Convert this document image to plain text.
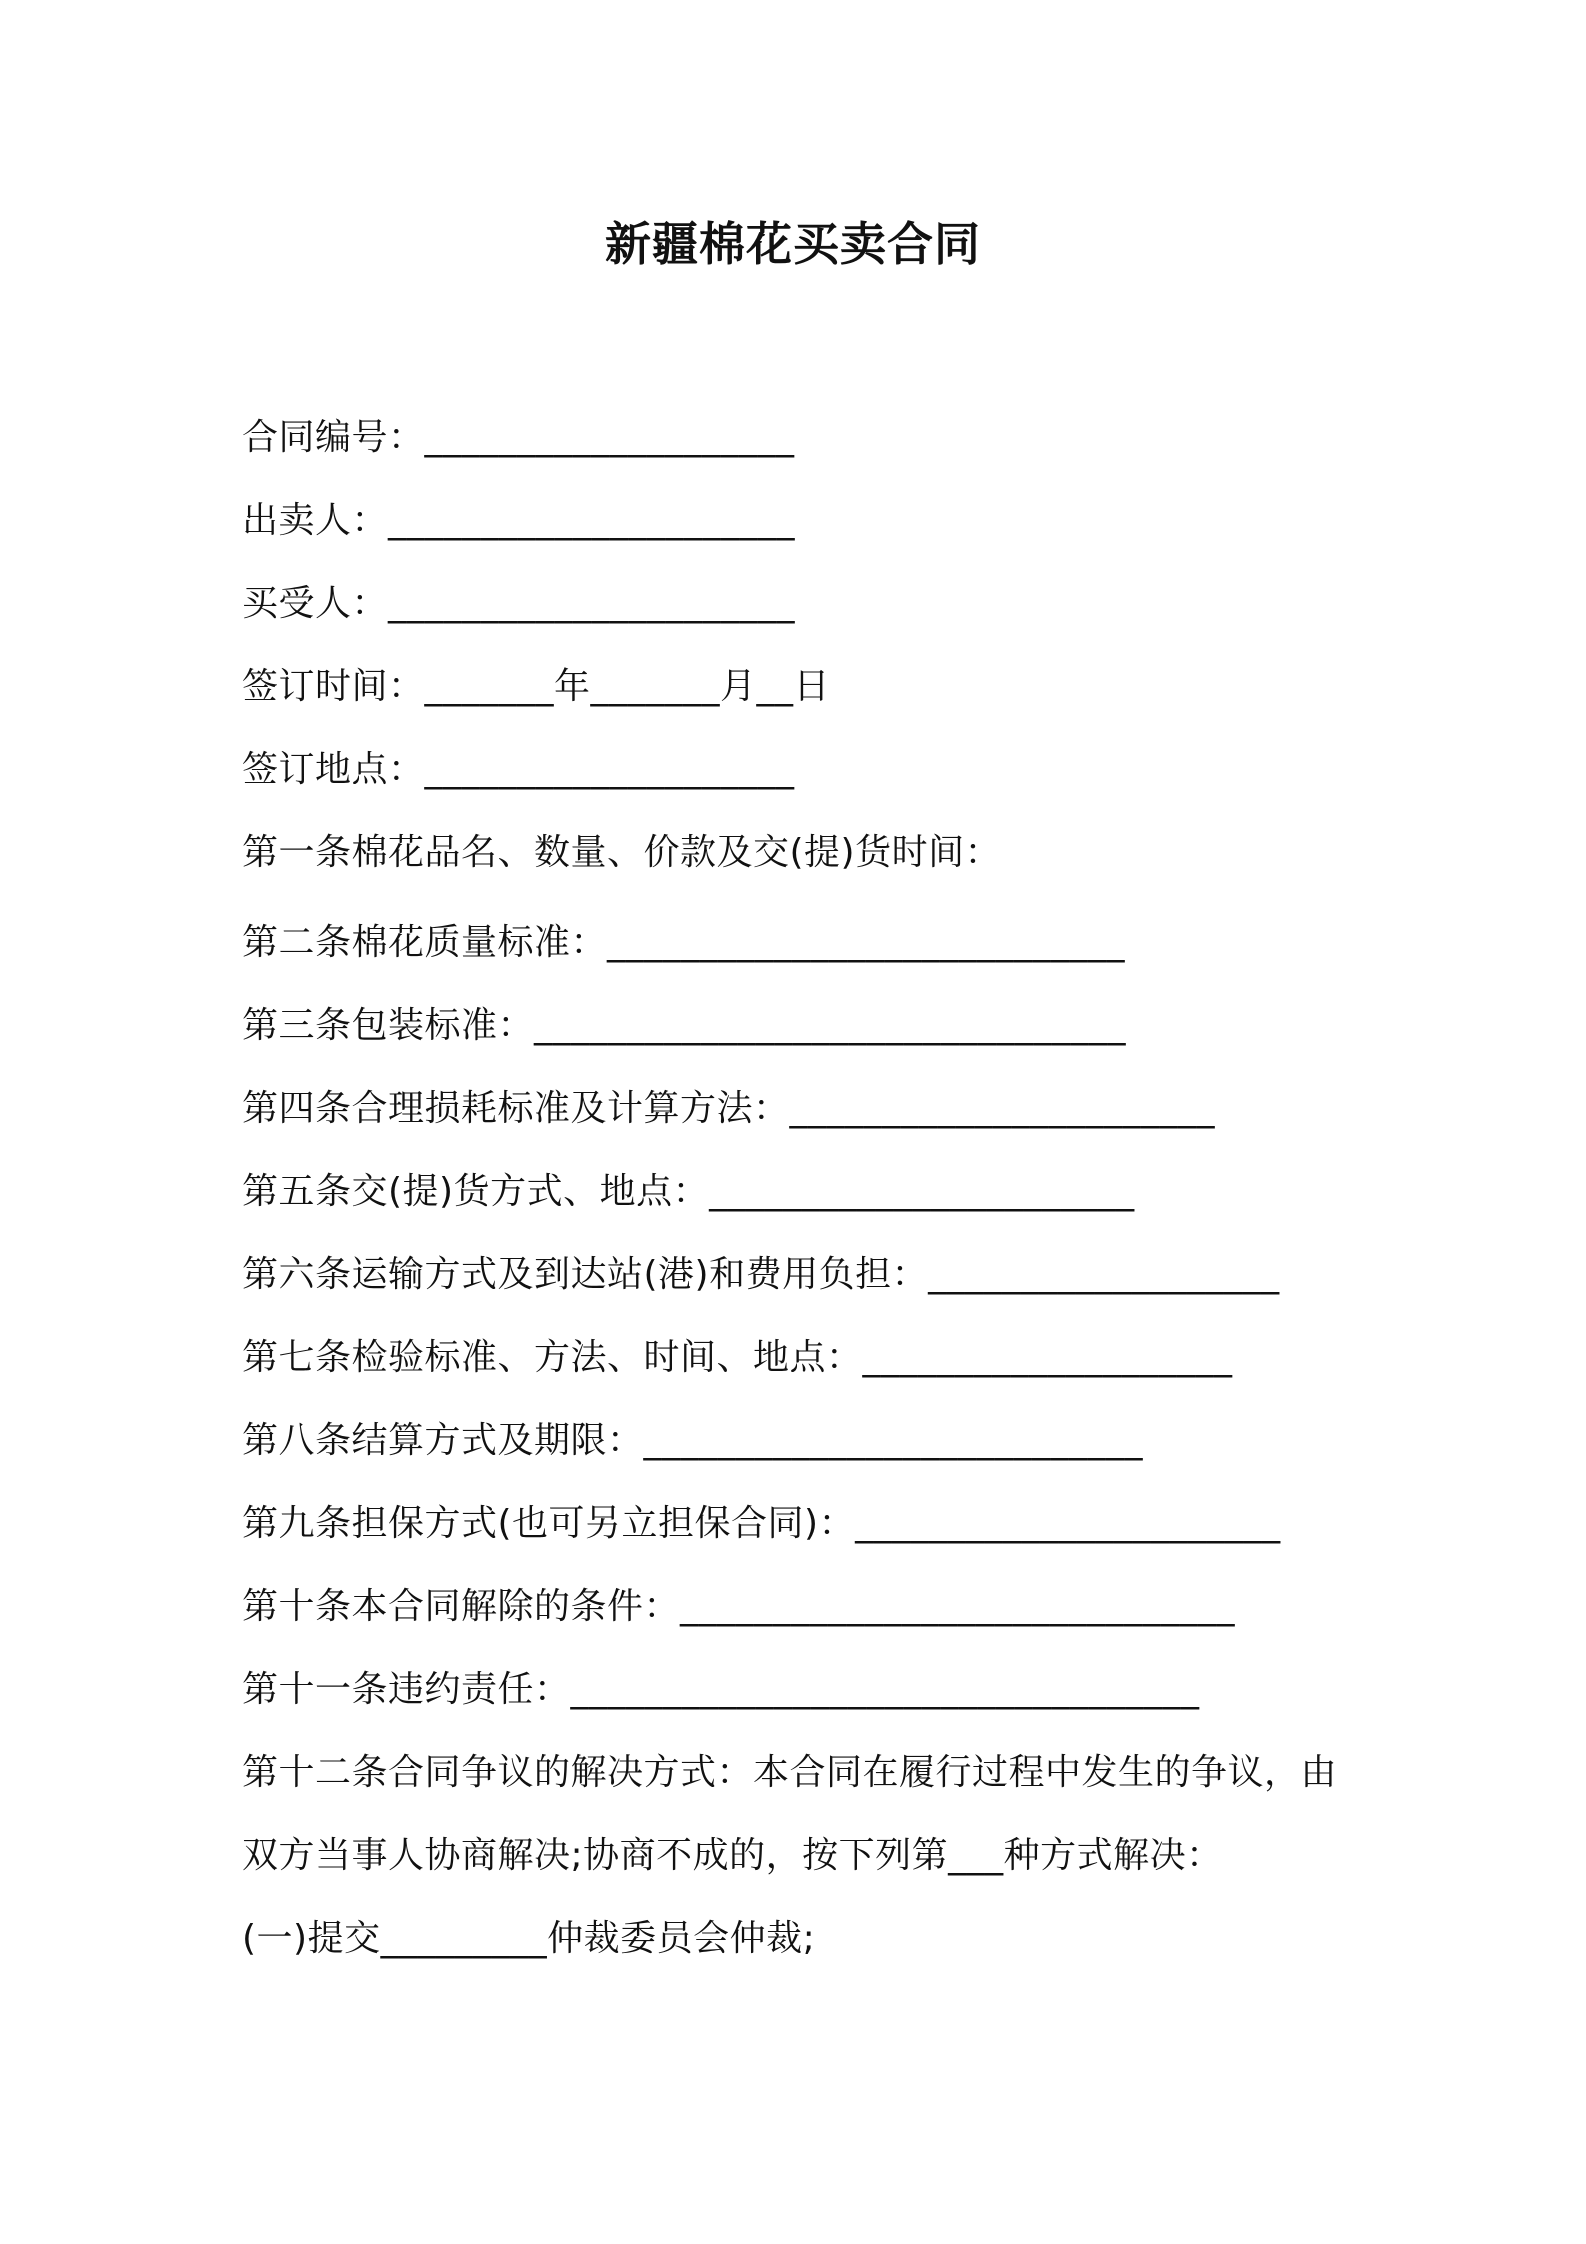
新疆棉花买卖合同
合同编号：____________________
出卖人：______________________
买受人：______________________
签订时间：_______年_______月__日
签订地点：____________________
第一条棉花品名、数量、价款及交(提)货时间：
第二条棉花质量标准：____________________________
第三条包装标准：________________________________
第四条合理损耗标准及计算方法：_______________________
第五条交(提)货方式、地点：_______________________
第六条运输方式及到达站(港)和费用负担：___________________
第七条检验标准、方法、时间、地点：____________________
第八条结算方式及期限：___________________________
第九条担保方式(也可另立担保合同)：_______________________
第十条本合同解除的条件：______________________________
第十一条违约责任：__________________________________
第十二条合同争议的解决方式：本合同在履行过程中发生的争议，由
双方当事人协商解决;协商不成的，按下列第___种方式解决：
(一)提交_________仲裁委员会仲裁;
